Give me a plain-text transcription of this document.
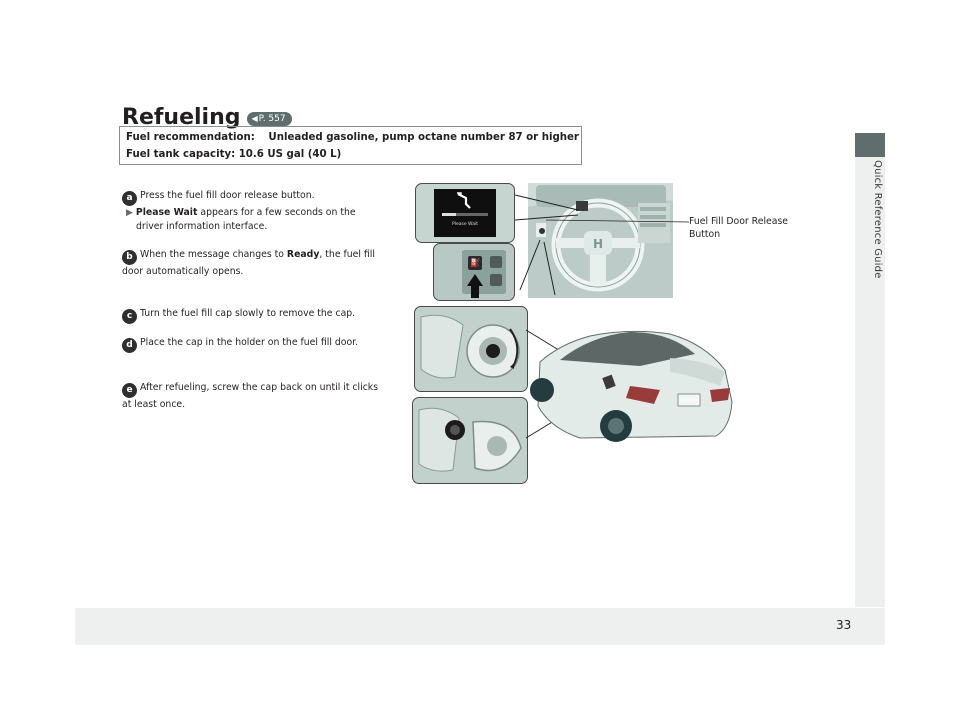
Quick Reference Guide
33
Refueling ◀P. 557
Fuel recommendation: Unleaded gasoline, pump octane number 87 or higher
Fuel tank capacity: 10.6 US gal (40 L)
a Press the fuel fill door release button.
▶ Please Wait appears for a few seconds on the
driver information interface.
b When the message changes to Ready, the fuel fill door automatically opens.
c Turn the fuel fill cap slowly to remove the cap.
d Place the cap in the holder on the fuel fill door.
e After refueling, screw the cap back on until it clicks at least once.
H
Please Wait
⛽
Fuel Fill Door Release
Button
